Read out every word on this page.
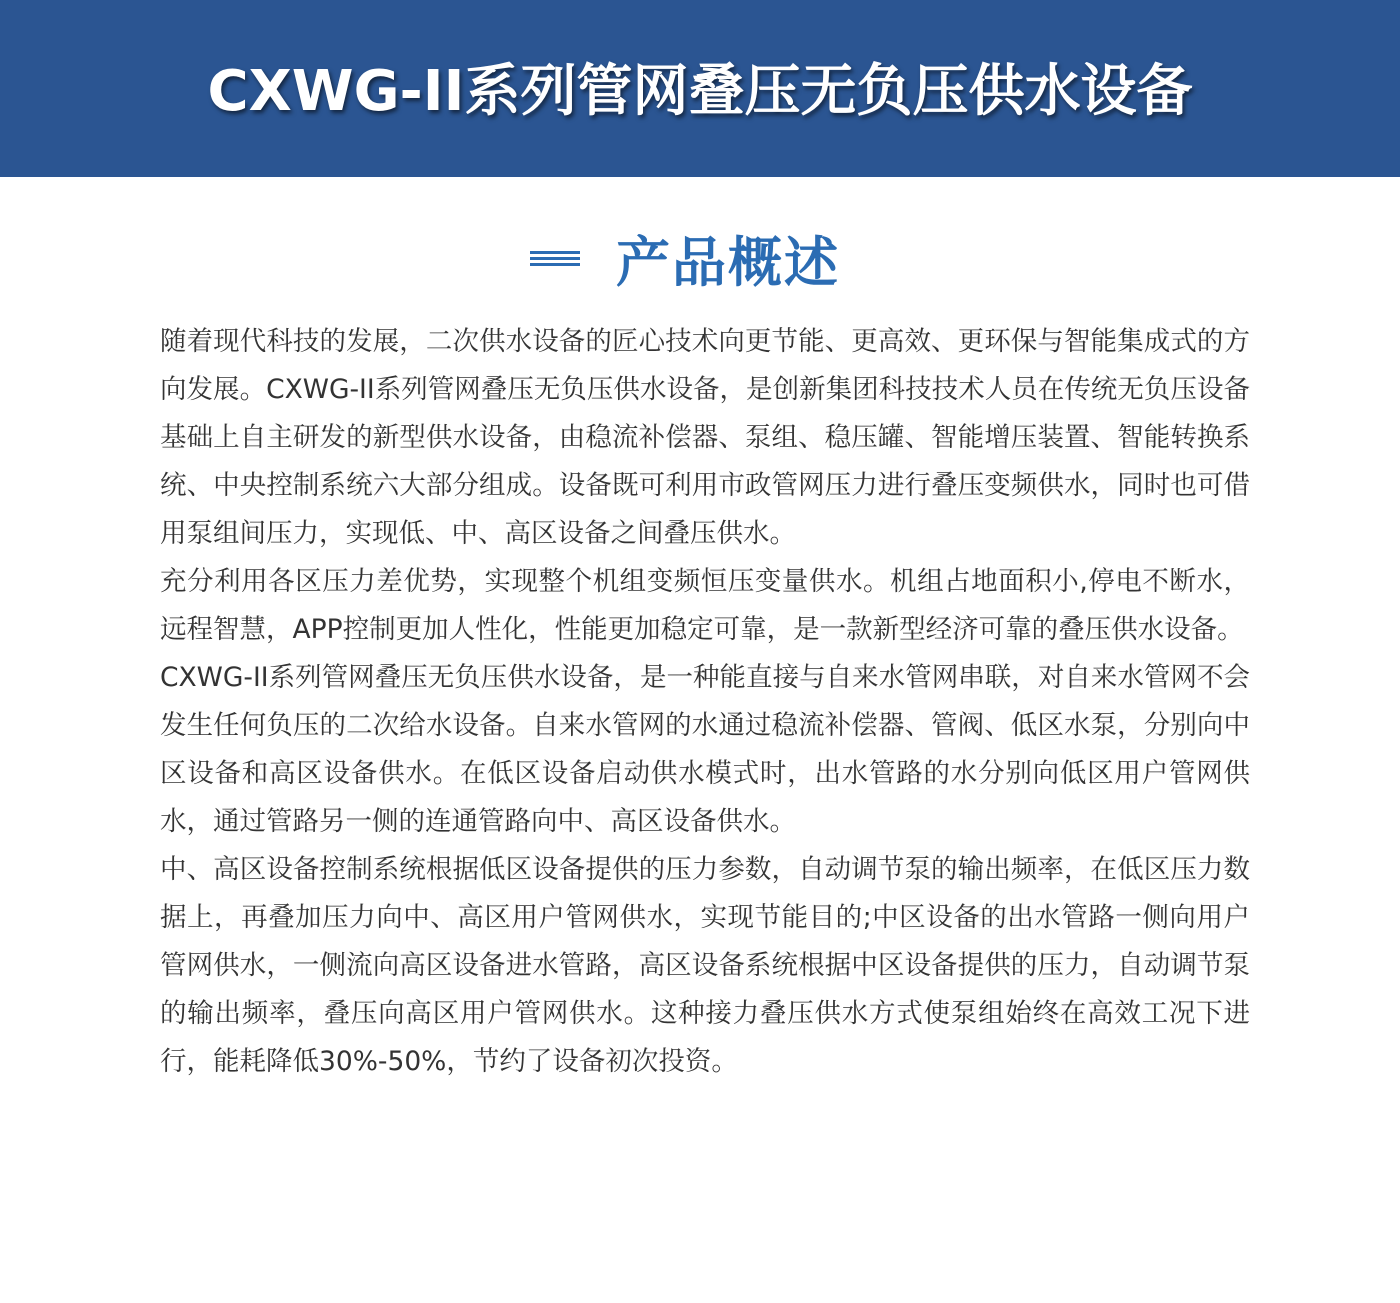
CXWG-II系列管网叠压无负压供水设备
产品概述

随着现代科技的发展，二次供水设备的匠心技术向更节能、更高效、更环保与智能集成式的方向发展。CXWG-II系列管网叠压无负压供水设备，是创新集团科技技术人员在传统无负压设备基础上自主研发的新型供水设备，由稳流补偿器、泵组、稳压罐、智能增压装置、智能转换系统、中央控制系统六大部分组成。设备既可利用市政管网压力进行叠压变频供水，同时也可借用泵组间压力，实现低、中、高区设备之间叠压供水。

充分利用各区压力差优势，实现整个机组变频恒压变量供水。机组占地面积小,停电不断水，远程智慧，APP控制更加人性化，性能更加稳定可靠，是一款新型经济可靠的叠压供水设备。

CXWG-II系列管网叠压无负压供水设备，是一种能直接与自来水管网串联，对自来水管网不会发生任何负压的二次给水设备。自来水管网的水通过稳流补偿器、管阀、低区水泵，分别向中区设备和高区设备供水。在低区设备启动供水模式时，出水管路的水分别向低区用户管网供水，通过管路另一侧的连通管路向中、高区设备供水。

中、高区设备控制系统根据低区设备提供的压力参数，自动调节泵的输出频率，在低区压力数据上，再叠加压力向中、高区用户管网供水，实现节能目的;中区设备的出水管路一侧向用户管网供水，一侧流向高区设备进水管路，高区设备系统根据中区设备提供的压力，自动调节泵的输出频率，叠压向高区用户管网供水。这种接力叠压供水方式使泵组始终在高效工况下进行，能耗降低30%-50%，节约了设备初次投资。
